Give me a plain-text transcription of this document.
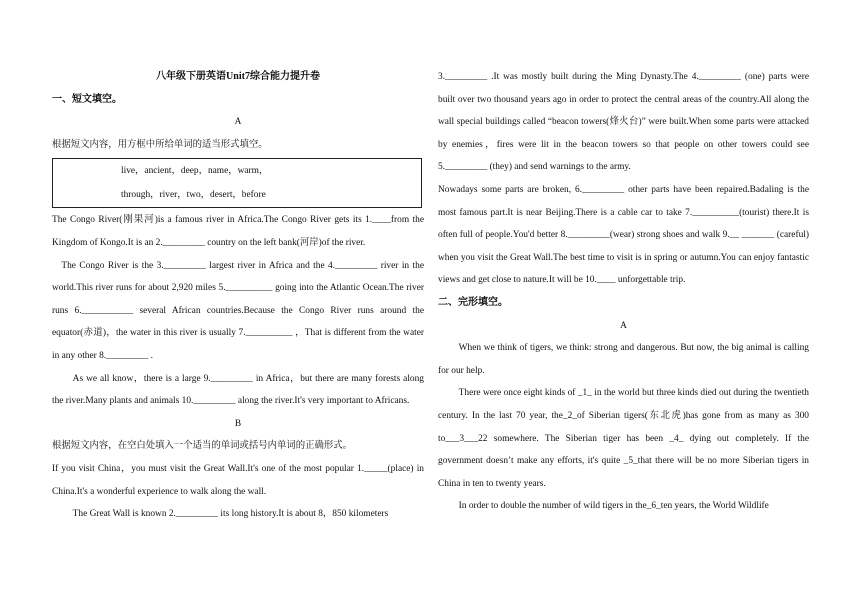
八年级下册英语Unit7综合能力提升卷

一、短文填空。

A

根据短文内容，用方框中所给单词的适当形式填空。

live，ancient，deep，name，warm，
through，river，two，desert，before

The Congo River(刚果河)is a famous river in Africa.The Congo River gets its 1.____from the Kingdom of Kongo.It is an 2._________ country on the left bank(河岸)of the river.

The Congo River is the 3._________ largest river in Africa and the 4._________ river in the world.This river runs for about 2,920 miles 5.__________ going into the Atlantic Ocean.The river runs 6.___________ several African countries.Because the Congo River runs around the equator(赤道)，the water in this river is usually 7.__________ ，That is different from the water in any other 8._________ .

As we all know，there is a large 9._________ in Africa，but there are many forests along the river.Many plants and animals 10._________ along the river.It's very important to Africans.

B

根据短文内容，在空白处填入一个适当的单词或括号内单词的正确形式。

If you visit China，you must visit the Great Wall.It's one of the most popular 1._____(place) in China.It's a wonderful experience to walk along the wall.

The Great Wall is known 2._________ its long history.It is about 8，850 kilometers

3._________ .It was mostly built during the Ming Dynasty.The 4._________ (one) parts were built over two thousand years ago in order to protect the central areas of the country.All along the wall special buildings called “beacon towers(烽火台)” were built.When some parts were attacked by enemies，fires were lit in the beacon towers so that people on other towers could see 5._________ (they) and send warnings to the army.

Nowadays some parts are broken, 6._________ other parts have been repaired.Badaling is the most famous part.It is near Beijing.There is a cable car to take 7.__________(tourist) there.It is often full of people.You'd better 8._________(wear) strong shoes and walk 9.__ _______ (careful) when you visit the Great Wall.The best time to visit is in spring or autumn.You can enjoy fantastic views and get close to nature.It will be 10.____ unforgettable trip.

二、完形填空。

A

When we think of tigers, we think: strong and dangerous. But now, the big animal is calling for our help.

There were once eight kinds of _1_ in the world but three kinds died out during the twentieth century. In the last 70 year, the_2_of Siberian tigers(东北虎)has gone from as many as 300 to___3___22 somewhere. The Siberian tiger has been _4_ dying out completely. If the government doesn’t make any efforts, it's quite _5_that there will be no more Siberian tigers in China in ten to twenty years.

In order to double the number of wild tigers in the_6_ten years, the World Wildlife
